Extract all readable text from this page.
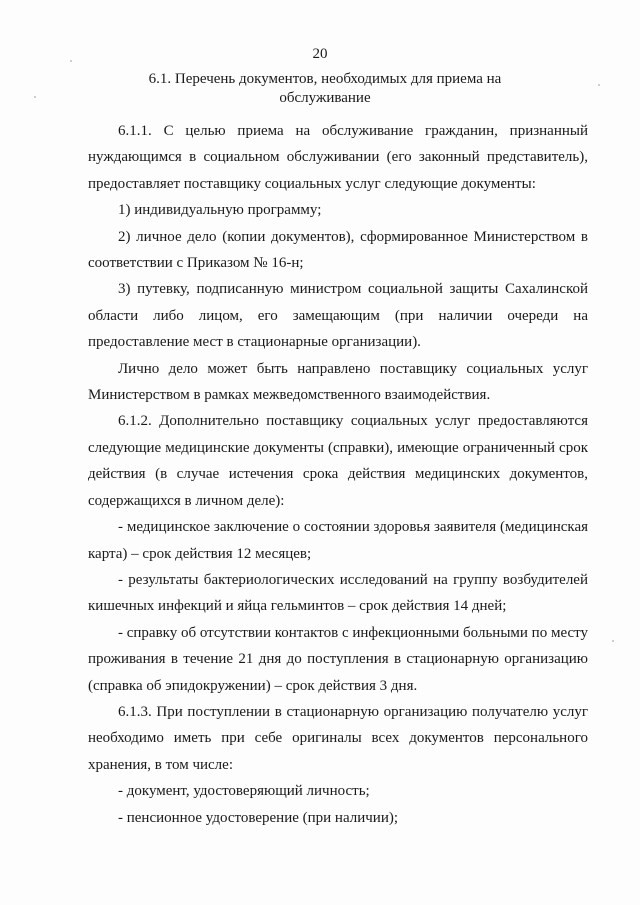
20
6.1. Перечень документов, необходимых для приема на обслуживание

6.1.1. С целью приема на обслуживание гражданин, признанный нуждающимся в социальном обслуживании (его законный представитель), предоставляет поставщику социальных услуг следующие документы:

1) индивидуальную программу;

2) личное дело (копии документов), сформированное Министерством в соответствии с Приказом № 16-н;

3) путевку, подписанную министром социальной защиты Сахалинской области либо лицом, его замещающим (при наличии очереди на предоставление мест в стационарные организации).

Лично дело может быть направлено поставщику социальных услуг Министерством в рамках межведомственного взаимодействия.

6.1.2. Дополнительно поставщику социальных услуг предоставляются следующие медицинские документы (справки), имеющие ограниченный срок действия (в случае истечения срока действия медицинских документов, содержащихся в личном деле):

- медицинское заключение о состоянии здоровья заявителя (медицинская карта) – срок действия 12 месяцев;

- результаты бактериологических исследований на группу возбудителей кишечных инфекций и яйца гельминтов – срок действия 14 дней;

- справку об отсутствии контактов с инфекционными больными по месту проживания в течение 21 дня до поступления в стационарную организацию (справка об эпидокружении) – срок действия 3 дня.

6.1.3. При поступлении в стационарную организацию получателю услуг необходимо иметь при себе оригиналы всех документов персонального хранения, в том числе:

- документ, удостоверяющий личность;

- пенсионное удостоверение (при наличии);
